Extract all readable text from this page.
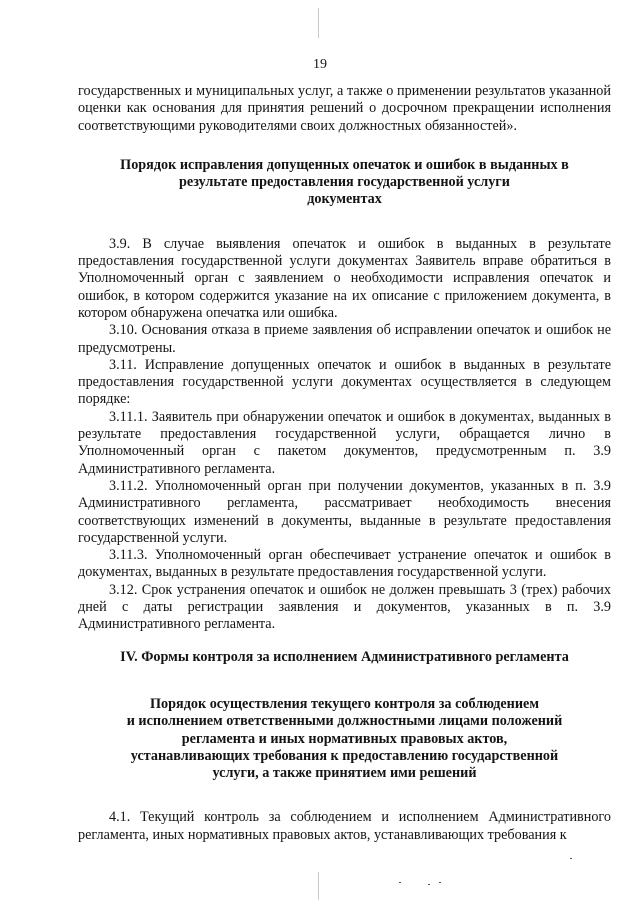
19

государственных и муниципальных услуг, а также о применении результатов указанной оценки как основания для принятия решений о досрочном прекращении исполнения соответствующими руководителями своих должностных обязанностей».

Порядок исправления допущенных опечаток и ошибок в выданных в
результате предоставления государственной услуги
документах

3.9. В случае выявления опечаток и ошибок в выданных в результате предоставления государственной услуги документах Заявитель вправе обратиться в Уполномоченный орган с заявлением о необходимости исправления опечаток и ошибок, в котором содержится указание на их описание с приложением документа, в котором обнаружена опечатка или ошибка.

3.10. Основания отказа в приеме заявления об исправлении опечаток и ошибок не предусмотрены.

3.11. Исправление допущенных опечаток и ошибок в выданных в результате предоставления государственной услуги документах осуществляется в следующем порядке:

3.11.1. Заявитель при обнаружении опечаток и ошибок в документах, выданных в результате предоставления государственной услуги, обращается лично в Уполномоченный орган с пакетом документов, предусмотренным п. 3.9 Административного регламента.

3.11.2. Уполномоченный орган при получении документов, указанных в п. 3.9 Административного регламента, рассматривает необходимость внесения соответствующих изменений в документы, выданные в результате предоставления государственной услуги.

3.11.3. Уполномоченный орган обеспечивает устранение опечаток и ошибок в документах, выданных в результате предоставления государственной услуги.

3.12. Срок устранения опечаток и ошибок не должен превышать 3 (трех) рабочих дней с даты регистрации заявления и документов, указанных в п. 3.9 Административного регламента.

IV. Формы контроля за исполнением Административного регламента
Порядок осуществления текущего контроля за соблюдением
и исполнением ответственными должностными лицами положений
регламента и иных нормативных правовых актов,
устанавливающих требования к предоставлению государственной
услуги, а также принятием ими решений

4.1. Текущий контроль за соблюдением и исполнением Административного регламента, иных нормативных правовых актов, устанавливающих требования к
